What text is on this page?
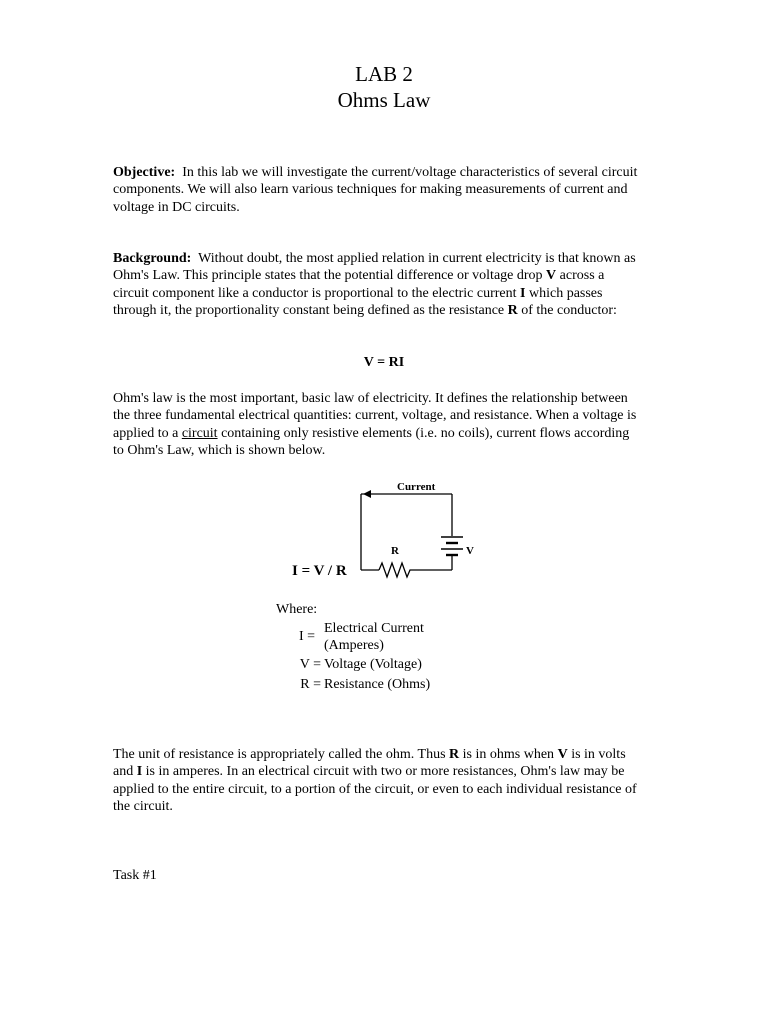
LAB 2
Ohms Law
Objective: In this lab we will investigate the current/voltage characteristics of several circuit components. We will also learn various techniques for making measurements of current and voltage in DC circuits.
Background: Without doubt, the most applied relation in current electricity is that known as Ohm's Law. This principle states that the potential difference or voltage drop V across a circuit component like a conductor is proportional to the electric current I which passes through it, the proportionality constant being defined as the resistance R of the conductor:
V = RI
Ohm's law is the most important, basic law of electricity. It defines the relationship between the three fundamental electrical quantities: current, voltage, and resistance. When a voltage is applied to a circuit containing only resistive elements (i.e. no coils), current flows according to Ohm's Law, which is shown below.
Current
V
R
I = V / R
Where:
I =
Electrical Current
(Amperes)
V = Voltage (Voltage)
R = Resistance (Ohms)
The unit of resistance is appropriately called the ohm. Thus R is in ohms when V is in volts and I is in amperes. In an electrical circuit with two or more resistances, Ohm's law may be applied to the entire circuit, to a portion of the circuit, or even to each individual resistance of the circuit.
Task #1
